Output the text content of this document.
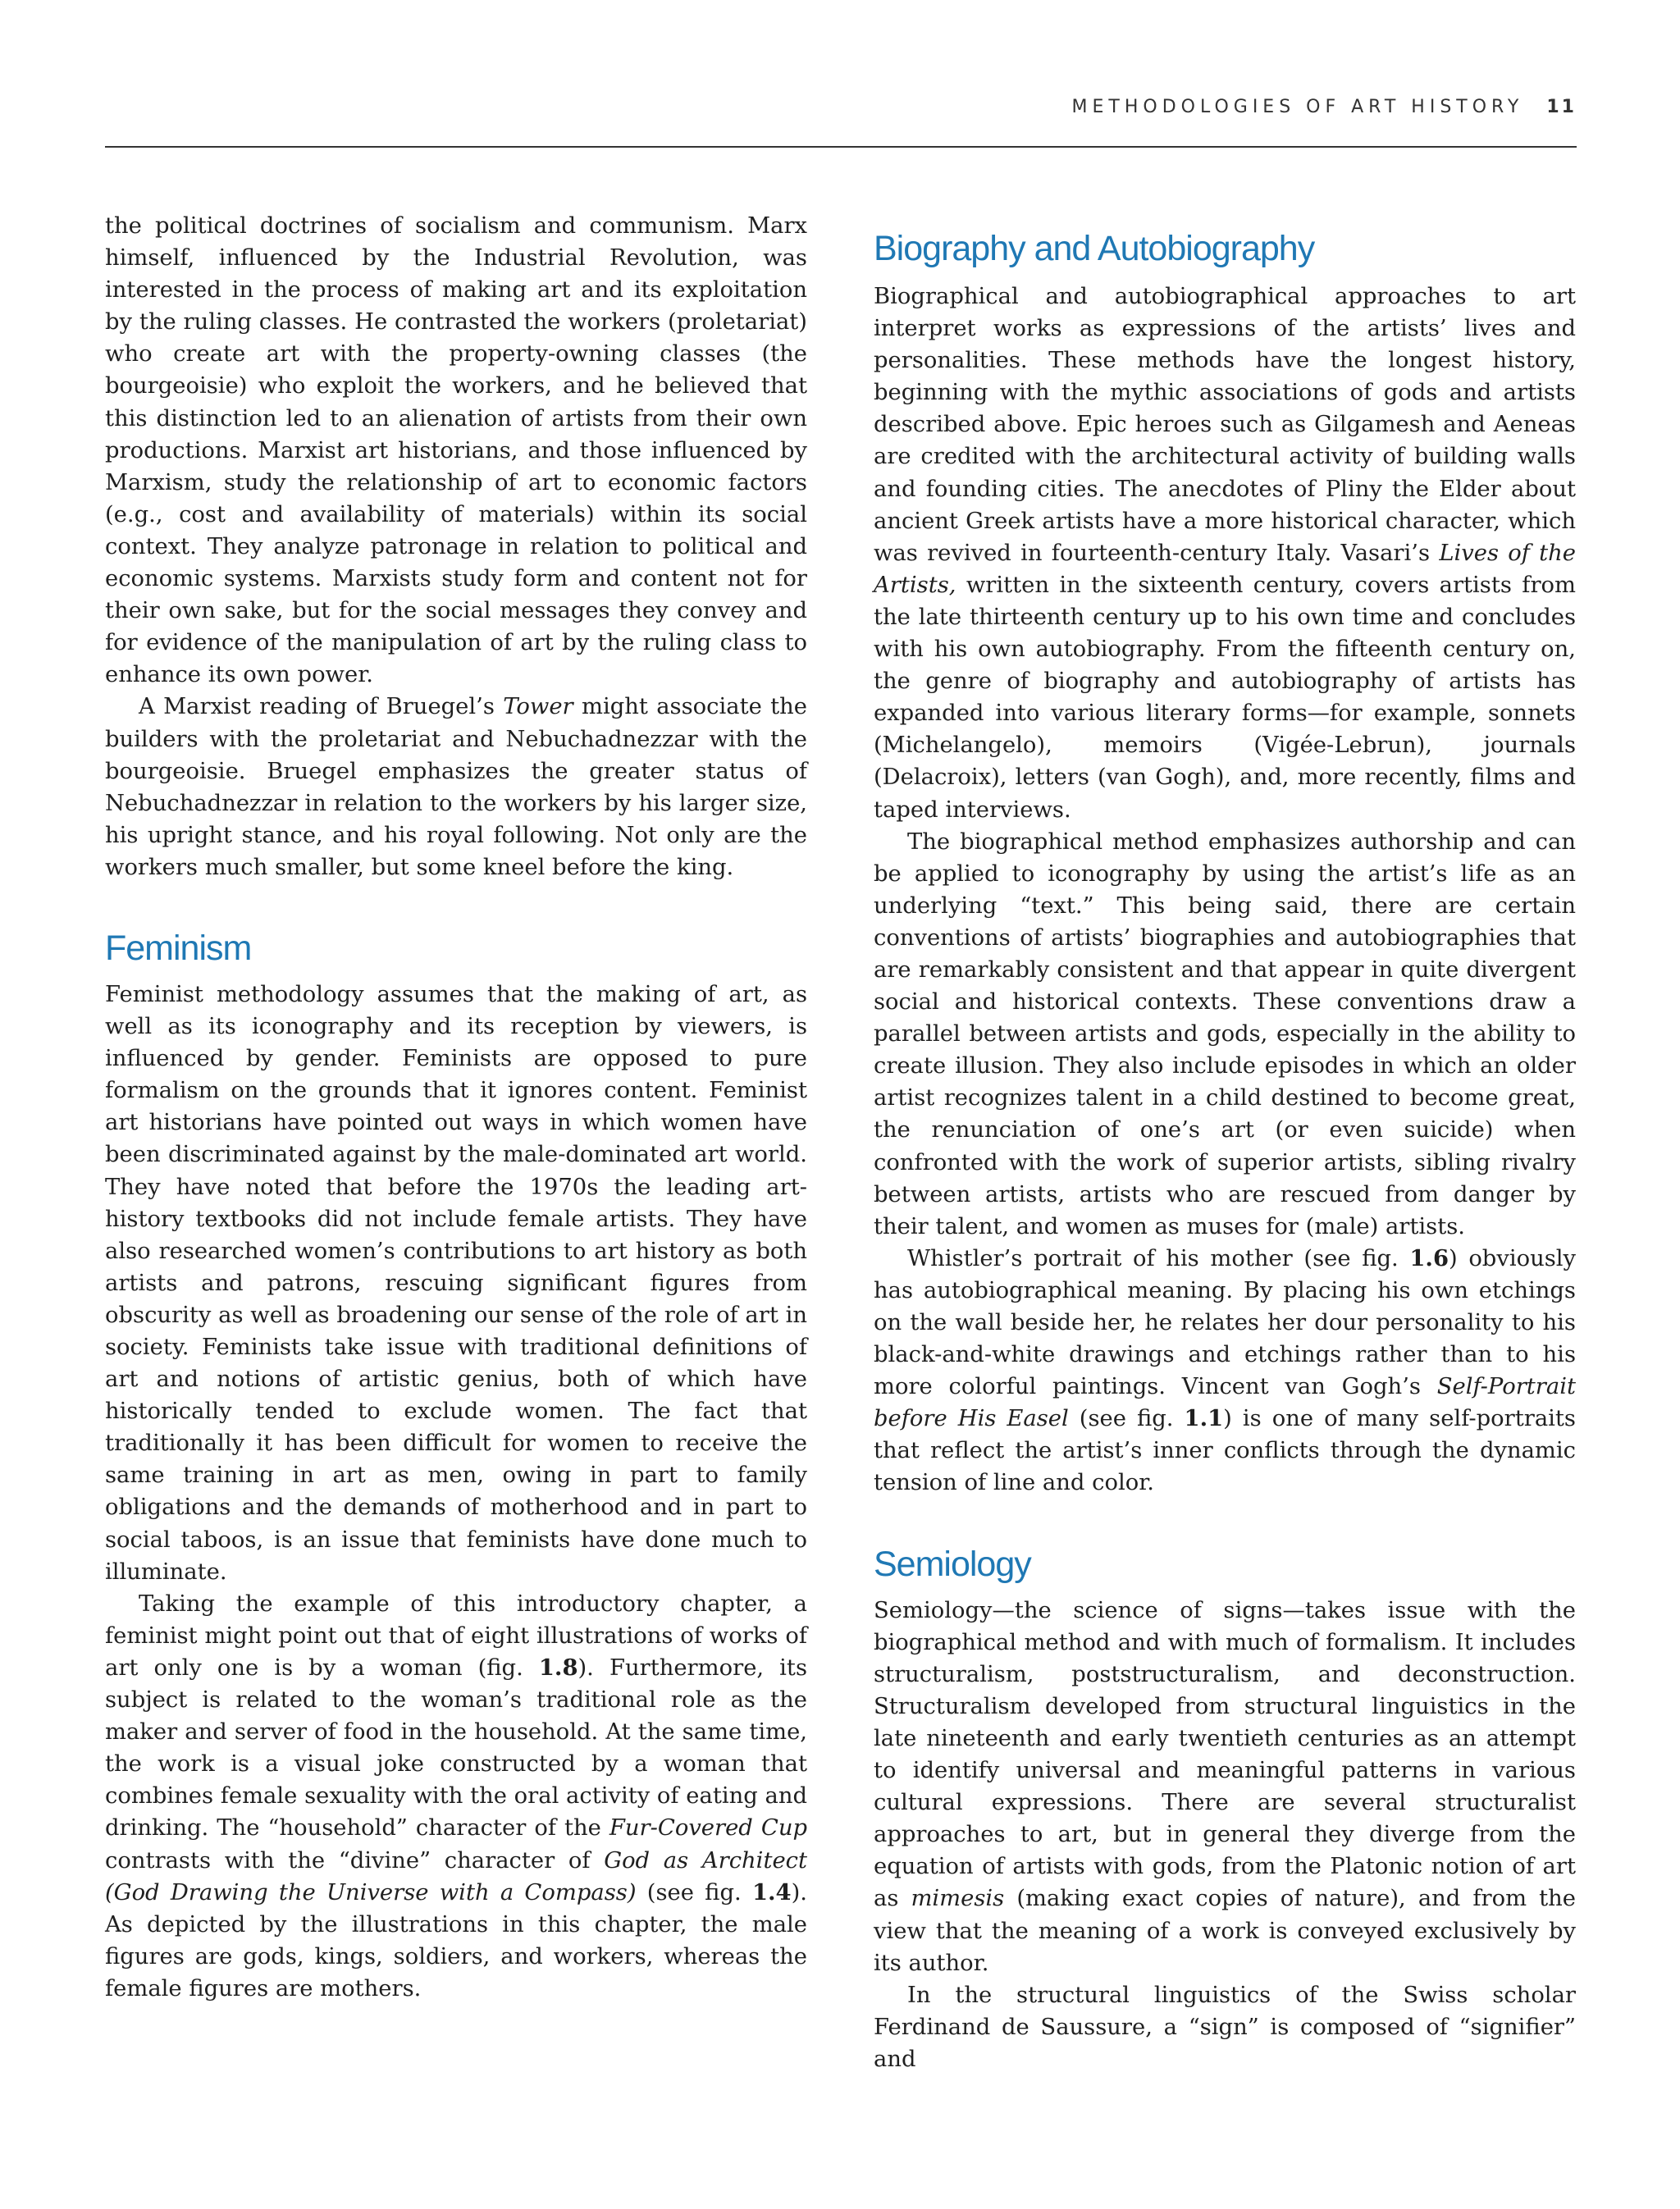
METHODOLOGIES OF ART HISTORY 11

the political doctrines of socialism and communism. Marx himself, influenced by the Industrial Revolution, was interested in the process of making art and its exploitation by the ruling classes. He contrasted the workers (proletariat) who create art with the property-owning classes (the bourgeoisie) who exploit the workers, and he believed that this distinction led to an alienation of artists from their own productions. Marxist art historians, and those influenced by Marxism, study the relationship of art to economic factors (e.g., cost and availability of materials) within its social context. They analyze patronage in relation to political and economic systems. Marxists study form and content not for their own sake, but for the social messages they convey and for evidence of the manipulation of art by the ruling class to enhance its own power.

A Marxist reading of Bruegel’s Tower might associate the builders with the proletariat and Nebuchadnezzar with the bourgeoisie. Bruegel emphasizes the greater status of Nebuchadnezzar in relation to the workers by his larger size, his upright stance, and his royal following. Not only are the workers much smaller, but some kneel before the king.

Feminism

Feminist methodology assumes that the making of art, as well as its iconography and its reception by viewers, is influenced by gender. Feminists are opposed to pure formalism on the grounds that it ignores content. Feminist art historians have pointed out ways in which women have been discriminated against by the male-dominated art world. They have noted that before the 1970s the leading art-history textbooks did not include female artists. They have also researched women’s contributions to art history as both artists and patrons, rescuing significant figures from obscurity as well as broadening our sense of the role of art in society. Feminists take issue with traditional definitions of art and notions of artistic genius, both of which have historically tended to exclude women. The fact that traditionally it has been difficult for women to receive the same training in art as men, owing in part to family obligations and the demands of motherhood and in part to social taboos, is an issue that feminists have done much to illuminate.

Taking the example of this introductory chapter, a feminist might point out that of eight illustrations of works of art only one is by a woman (fig. 1.8). Furthermore, its subject is related to the woman’s traditional role as the maker and server of food in the household. At the same time, the work is a visual joke constructed by a woman that combines female sexuality with the oral activity of eating and drinking. The “household” character of the Fur-Covered Cup contrasts with the “divine” character of God as Architect (God Drawing the Universe with a Compass) (see fig. 1.4). As depicted by the illustrations in this chapter, the male figures are gods, kings, soldiers, and workers, whereas the female figures are mothers.

Biography and Autobiography

Biographical and autobiographical approaches to art interpret works as expressions of the artists’ lives and personalities. These methods have the longest history, beginning with the mythic associations of gods and artists described above. Epic heroes such as Gilgamesh and Aeneas are credited with the architectural activity of building walls and founding cities. The anecdotes of Pliny the Elder about ancient Greek artists have a more historical character, which was revived in fourteenth-century Italy. Vasari’s Lives of the Artists, written in the sixteenth century, covers artists from the late thirteenth century up to his own time and concludes with his own autobiography. From the fifteenth century on, the genre of biography and autobiography of artists has expanded into various literary forms—for example, sonnets (Michelangelo), memoirs (Vigée-Lebrun), journals (Delacroix), letters (van Gogh), and, more recently, films and taped interviews.

The biographical method emphasizes authorship and can be applied to iconography by using the artist’s life as an underlying “text.” This being said, there are certain conventions of artists’ biographies and autobiographies that are remarkably consistent and that appear in quite divergent social and historical contexts. These conventions draw a parallel between artists and gods, especially in the ability to create illusion. They also include episodes in which an older artist recognizes talent in a child destined to become great, the renunciation of one’s art (or even suicide) when confronted with the work of superior artists, sibling rivalry between artists, artists who are rescued from danger by their talent, and women as muses for (male) artists.

Whistler’s portrait of his mother (see fig. 1.6) obviously has autobiographical meaning. By placing his own etchings on the wall beside her, he relates her dour personality to his black-and-white drawings and etchings rather than to his more colorful paintings. Vincent van Gogh’s Self-Portrait before His Easel (see fig. 1.1) is one of many self-portraits that reflect the artist’s inner conflicts through the dynamic tension of line and color.

Semiology

Semiology—the science of signs—takes issue with the biographical method and with much of formalism. It includes structuralism, poststructuralism, and deconstruction. Structuralism developed from structural linguistics in the late nineteenth and early twentieth centuries as an attempt to identify universal and meaningful patterns in various cultural expressions. There are several structuralist approaches to art, but in general they diverge from the equation of artists with gods, from the Platonic notion of art as mimesis (making exact copies of nature), and from the view that the meaning of a work is conveyed exclusively by its author.

In the structural linguistics of the Swiss scholar Ferdinand de Saussure, a “sign” is composed of “signifier” and
